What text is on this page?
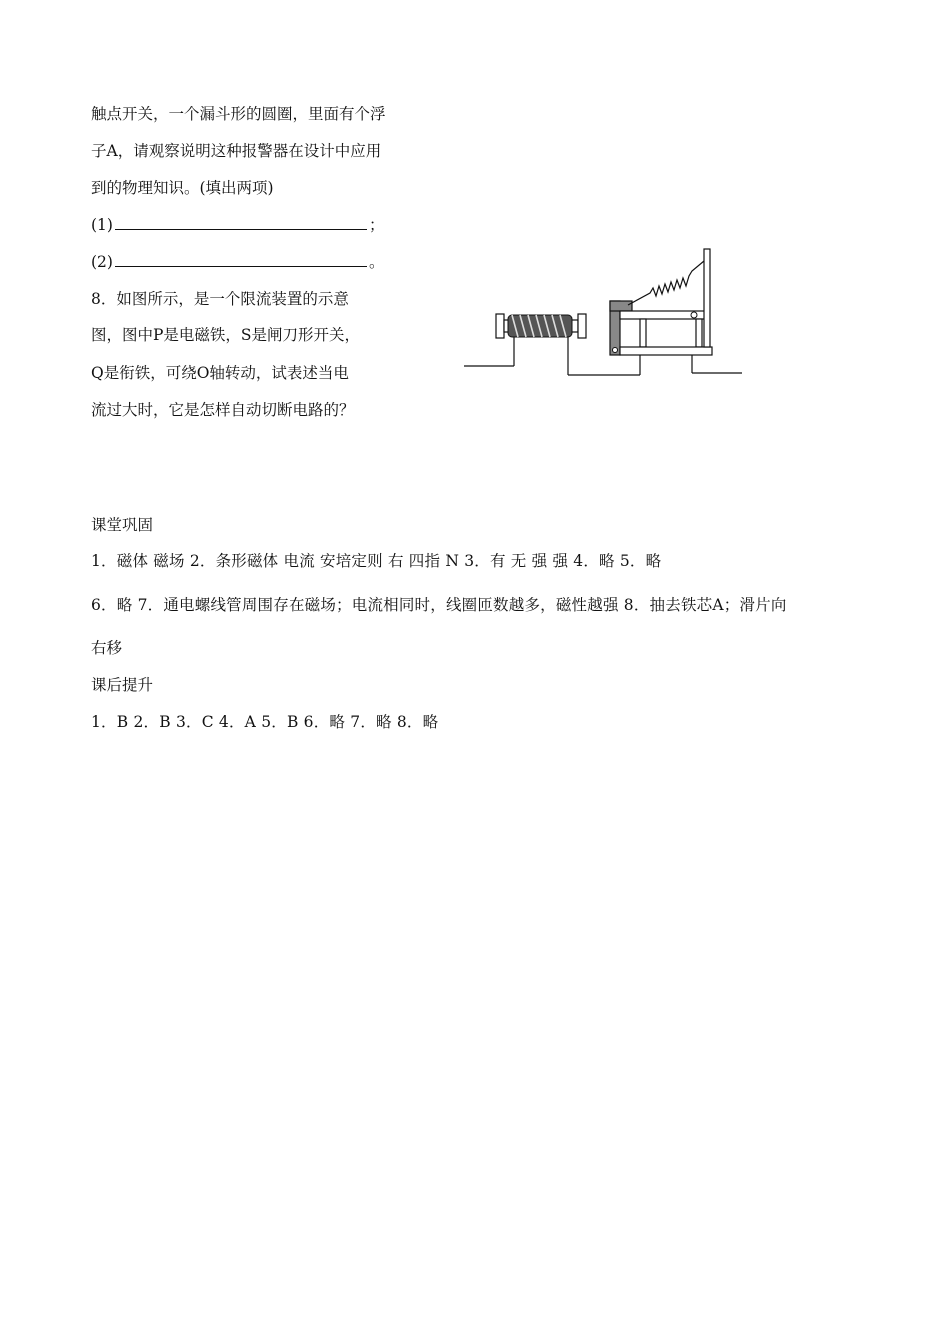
触点开关，一个漏斗形的圆圈，里面有个浮
子A，请观察说明这种报警器在设计中应用
到的物理知识。(填出两项)
(1)	；
(2)	。
8．如图所示，是一个限流装置的示意
图，图中P是电磁铁，S是闸刀形开关，
Q是衔铁，可绕O轴转动，试表述当电
流过大时，它是怎样自动切断电路的？
课堂巩固
1．磁体 磁场 2．条形磁体 电流 安培定则 右 四指 N 3．有 无 强 强 4．略 5．略
6．略 7．通电螺线管周围存在磁场；电流相同时，线圈匝数越多，磁性越强 8．抽去铁芯A；滑片向
右移
课后提升
1．B 2．B 3．C 4．A 5．B 6．略 7．略 8．略
